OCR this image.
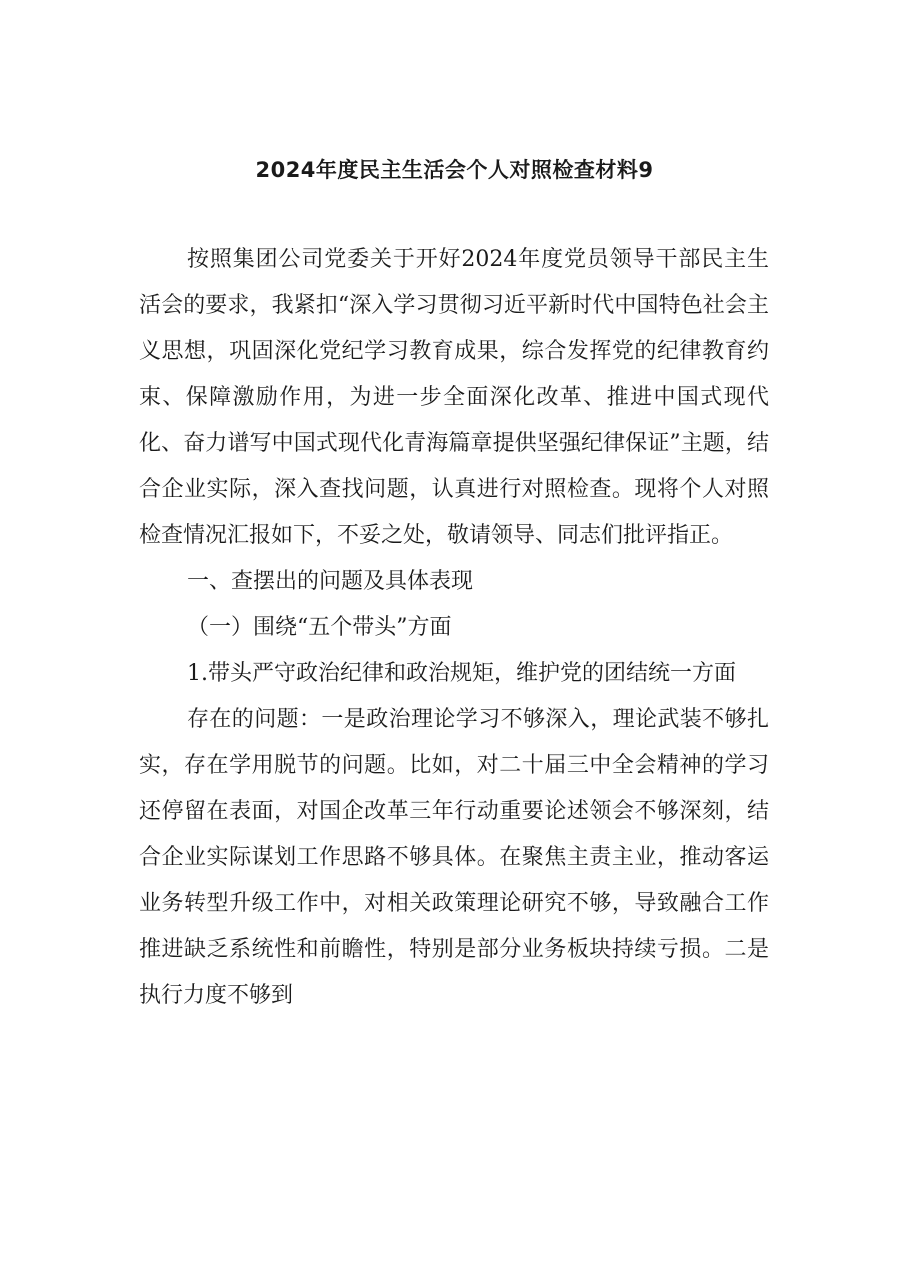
2024年度民主生活会个人对照检查材料9

按照集团公司党委关于开好2024年度党员领导干部民主生活会的要求，我紧扣“深入学习贯彻习近平新时代中国特色社会主义思想，巩固深化党纪学习教育成果，综合发挥党的纪律教育约束、保障激励作用，为进一步全面深化改革、推进中国式现代化、奋力谱写中国式现代化青海篇章提供坚强纪律保证”主题，结合企业实际，深入查找问题，认真进行对照检查。现将个人对照检查情况汇报如下，不妥之处，敬请领导、同志们批评指正。

一、查摆出的问题及具体表现

（一）围绕“五个带头”方面

1.带头严守政治纪律和政治规矩，维护党的团结统一方面

存在的问题：一是政治理论学习不够深入，理论武装不够扎实，存在学用脱节的问题。比如，对二十届三中全会精神的学习还停留在表面，对国企改革三年行动重要论述领会不够深刻，结合企业实际谋划工作思路不够具体。在聚焦主责主业，推动客运业务转型升级工作中，对相关政策理论研究不够，导致融合工作推进缺乏系统性和前瞻性，特别是部分业务板块持续亏损。二是执行力度不够到
